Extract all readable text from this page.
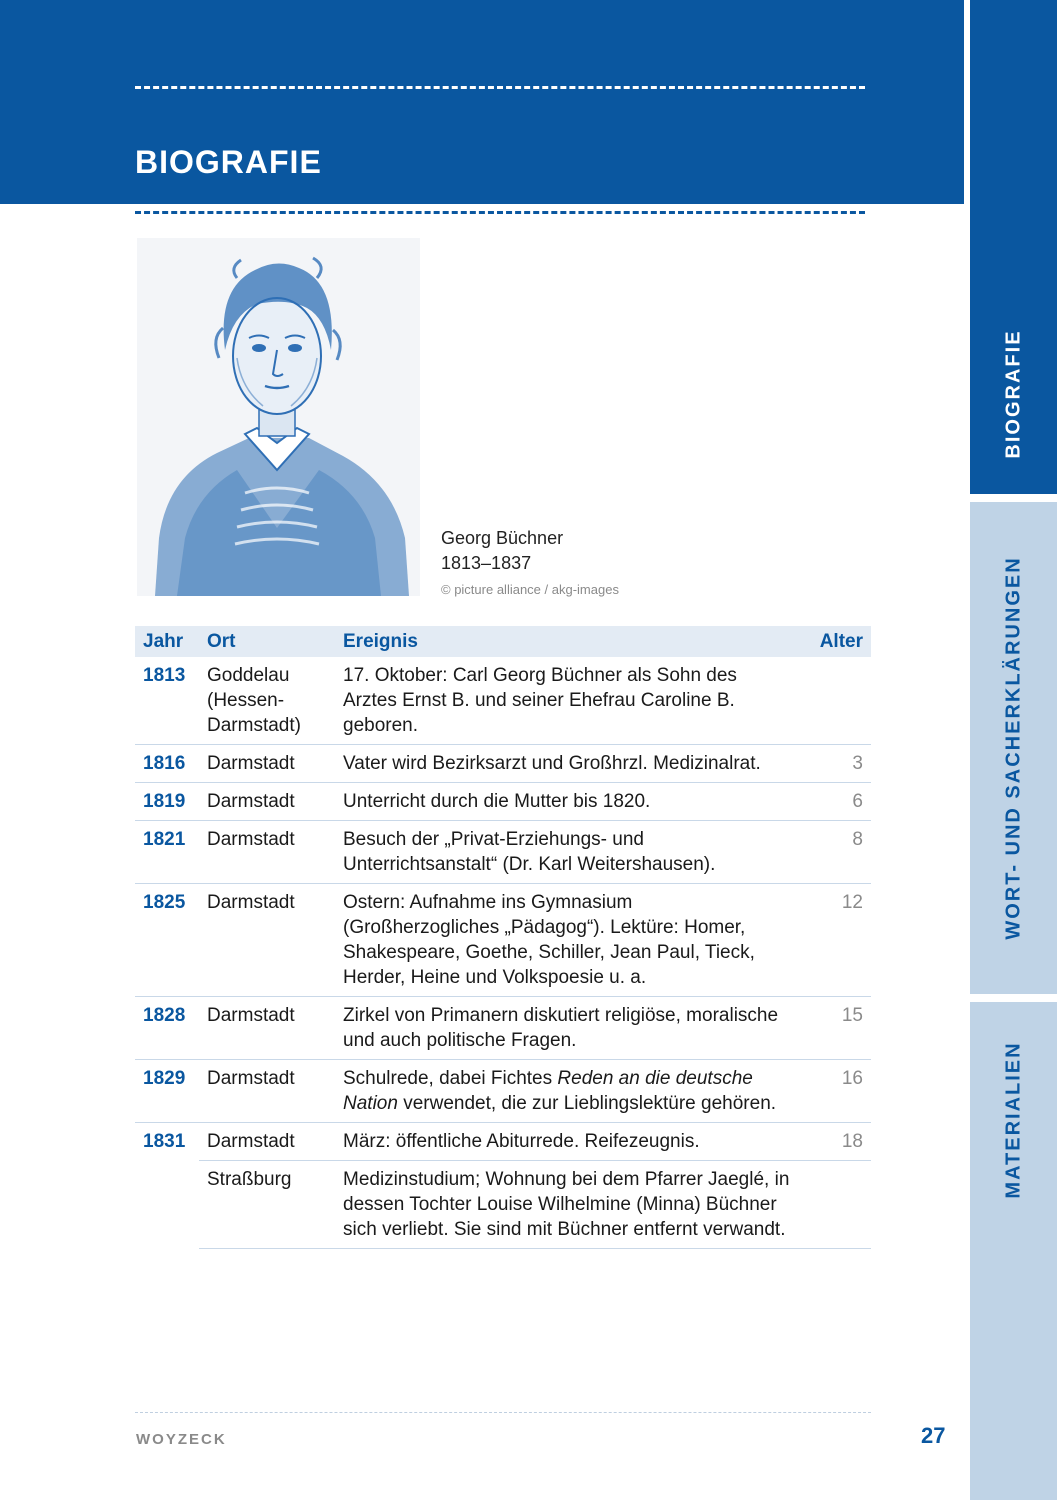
BIOGRAFIE
Georg Büchner
1813–1837
© picture alliance / akg-images
Jahr	Ort	Ereignis	Alter
1813	Goddelau (Hessen-Darmstadt)	17. Oktober: Carl Georg Büchner als Sohn des Arztes Ernst B. und seiner Ehefrau Caroline B. geboren.	
1816	Darmstadt	Vater wird Bezirksarzt und Großhrzl. Medizinalrat.	3
1819	Darmstadt	Unterricht durch die Mutter bis 1820.	6
1821	Darmstadt	Besuch der „Privat-Erziehungs- und Unterrichtsanstalt“ (Dr. Karl Weitershausen).	8
1825	Darmstadt	Ostern: Aufnahme ins Gymnasium (Großherzogliches „Pädagog“). Lektüre: Homer, Shakespeare, Goethe, Schiller, Jean Paul, Tieck, Herder, Heine und Volkspoesie u. a.	12
1828	Darmstadt	Zirkel von Primanern diskutiert religiöse, moralische und auch politische Fragen.	15
1829	Darmstadt	Schulrede, dabei Fichtes Reden an die deutsche Nation verwendet, die zur Lieblingslektüre gehören.	16
1831	Darmstadt	März: öffentliche Abiturrede. Reifezeugnis.	18
	Straßburg	Medizinstudium; Wohnung bei dem Pfarrer Jaeglé, in dessen Tochter Louise Wilhelmine (Minna) Büchner sich verliebt. Sie sind mit Büchner entfernt verwandt.	
WOYZECK	27
BIOGRAFIE
WORT- UND SACHERKLÄRUNGEN
MATERIALIEN
